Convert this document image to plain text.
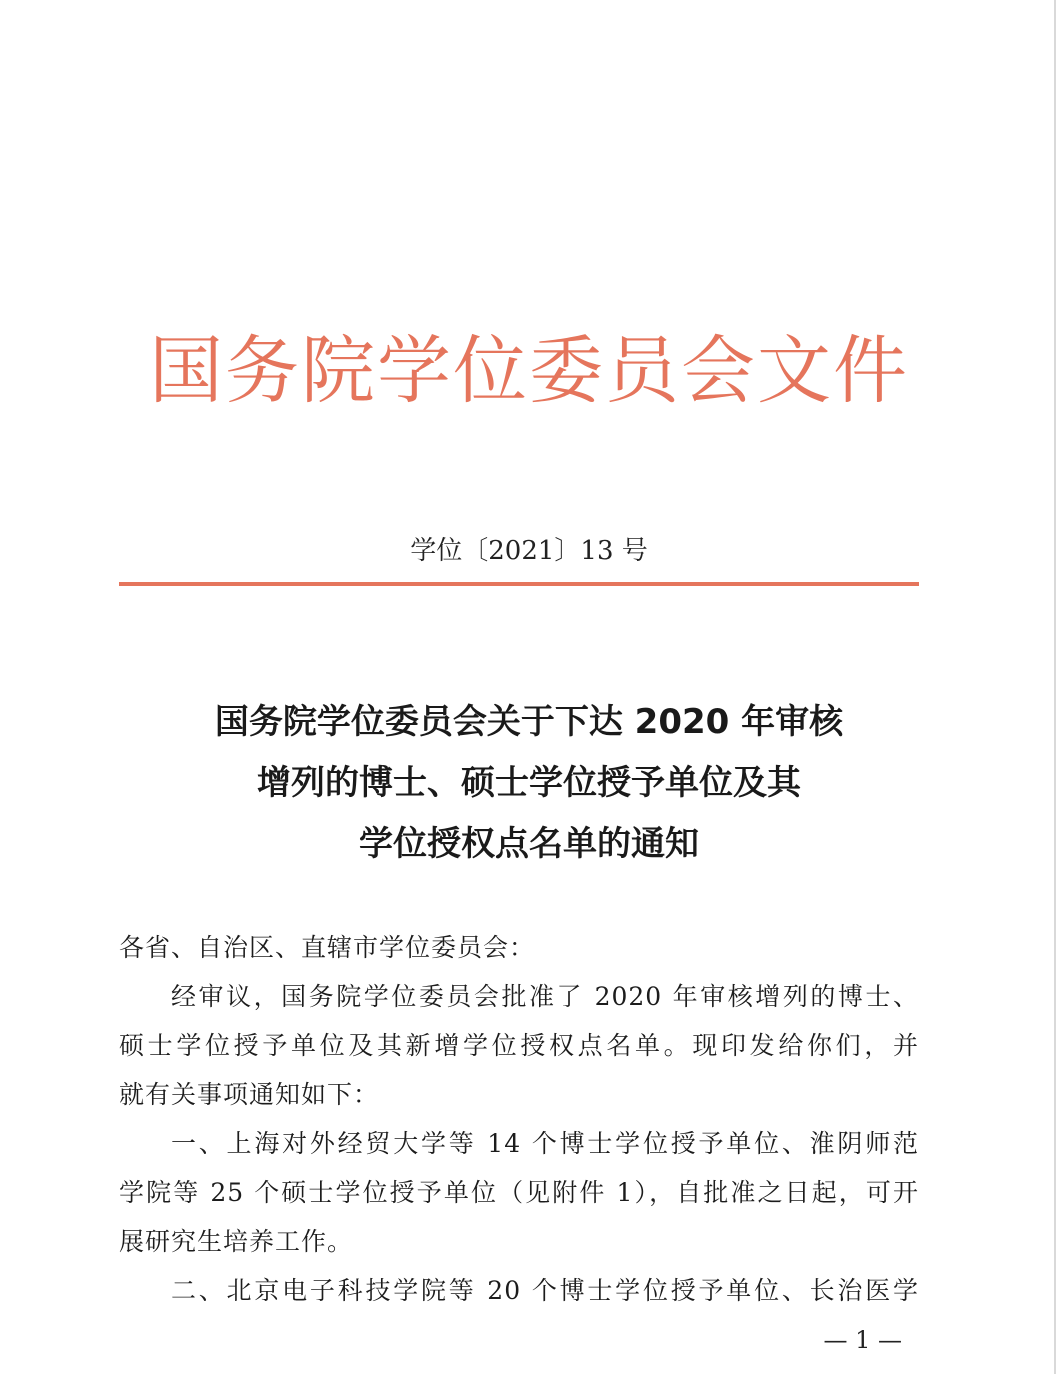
国务院学位委员会文件
学位〔2021〕13 号
国务院学位委员会关于下达 2020 年审核
增列的博士、硕士学位授予单位及其
学位授权点名单的通知
各省、自治区、直辖市学位委员会：
经审议，国务院学位委员会批准了 2020 年审核增列的博士、
硕士学位授予单位及其新增学位授权点名单。现印发给你们，并
就有关事项通知如下：
一、上海对外经贸大学等 14 个博士学位授予单位、淮阴师范
学院等 25 个硕士学位授予单位（见附件 1），自批准之日起，可开
展研究生培养工作。
二、北京电子科技学院等 20 个博士学位授予单位、长治医学
— 1 —
